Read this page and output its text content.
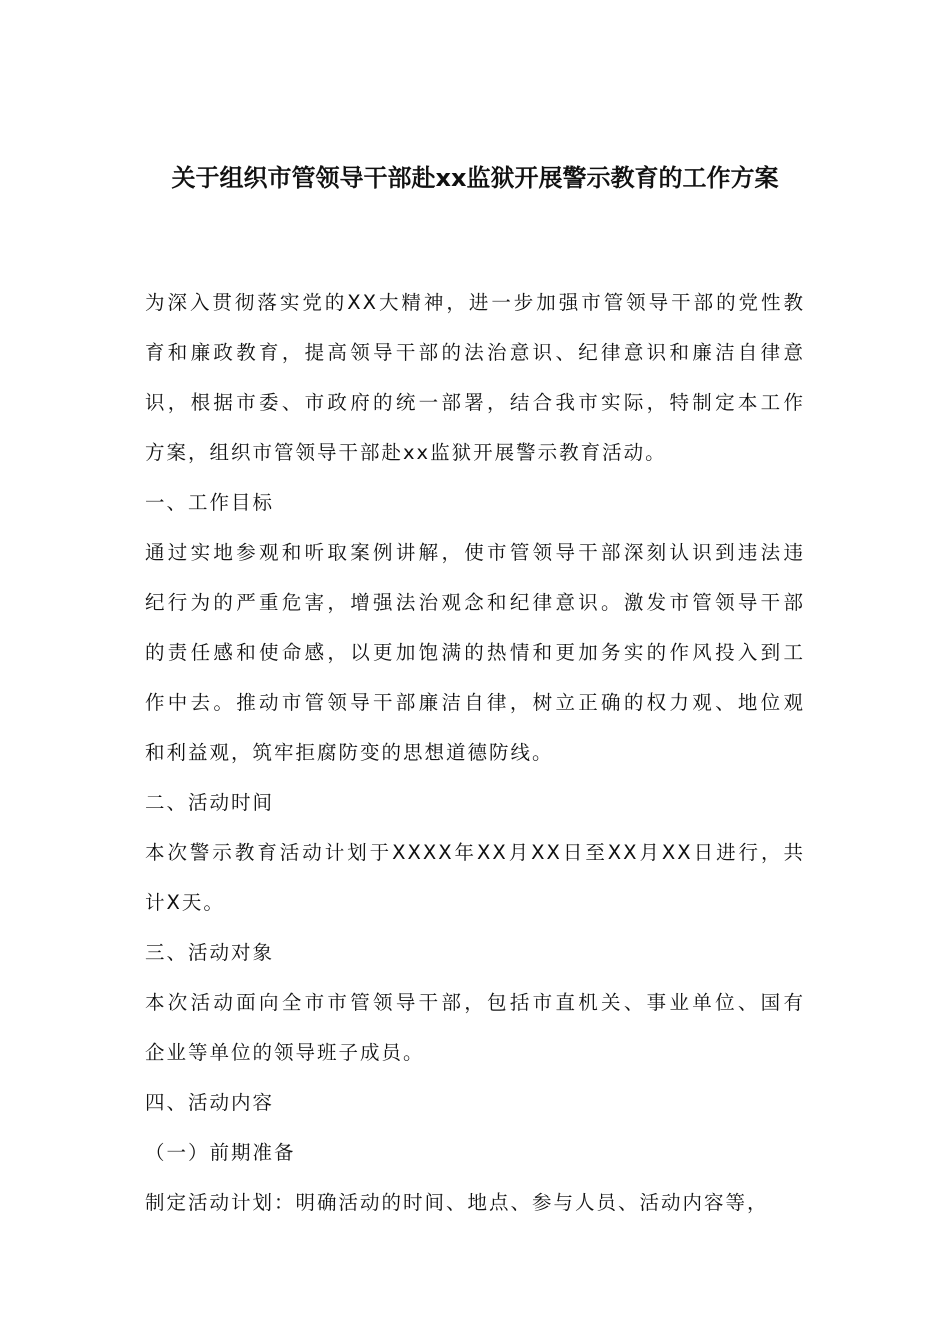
关于组织市管领导干部赴xx监狱开展警示教育的工作方案

为深入贯彻落实党的XX大精神，进一步加强市管领导干部的党性教
育和廉政教育，提高领导干部的法治意识、纪律意识和廉洁自律意
识，根据市委、市政府的统一部署，结合我市实际，特制定本工作
方案，组织市管领导干部赴xx监狱开展警示教育活动。

一、工作目标

通过实地参观和听取案例讲解，使市管领导干部深刻认识到违法违
纪行为的严重危害，增强法治观念和纪律意识。激发市管领导干部
的责任感和使命感，以更加饱满的热情和更加务实的作风投入到工
作中去。推动市管领导干部廉洁自律，树立正确的权力观、地位观
和利益观，筑牢拒腐防变的思想道德防线。

二、活动时间

本次警示教育活动计划于XXXX年XX月XX日至XX月XX日进行，共
计X天。

三、活动对象

本次活动面向全市市管领导干部，包括市直机关、事业单位、国有
企业等单位的领导班子成员。

四、活动内容

（一）前期准备

制定活动计划：明确活动的时间、地点、参与人员、活动内容等，
